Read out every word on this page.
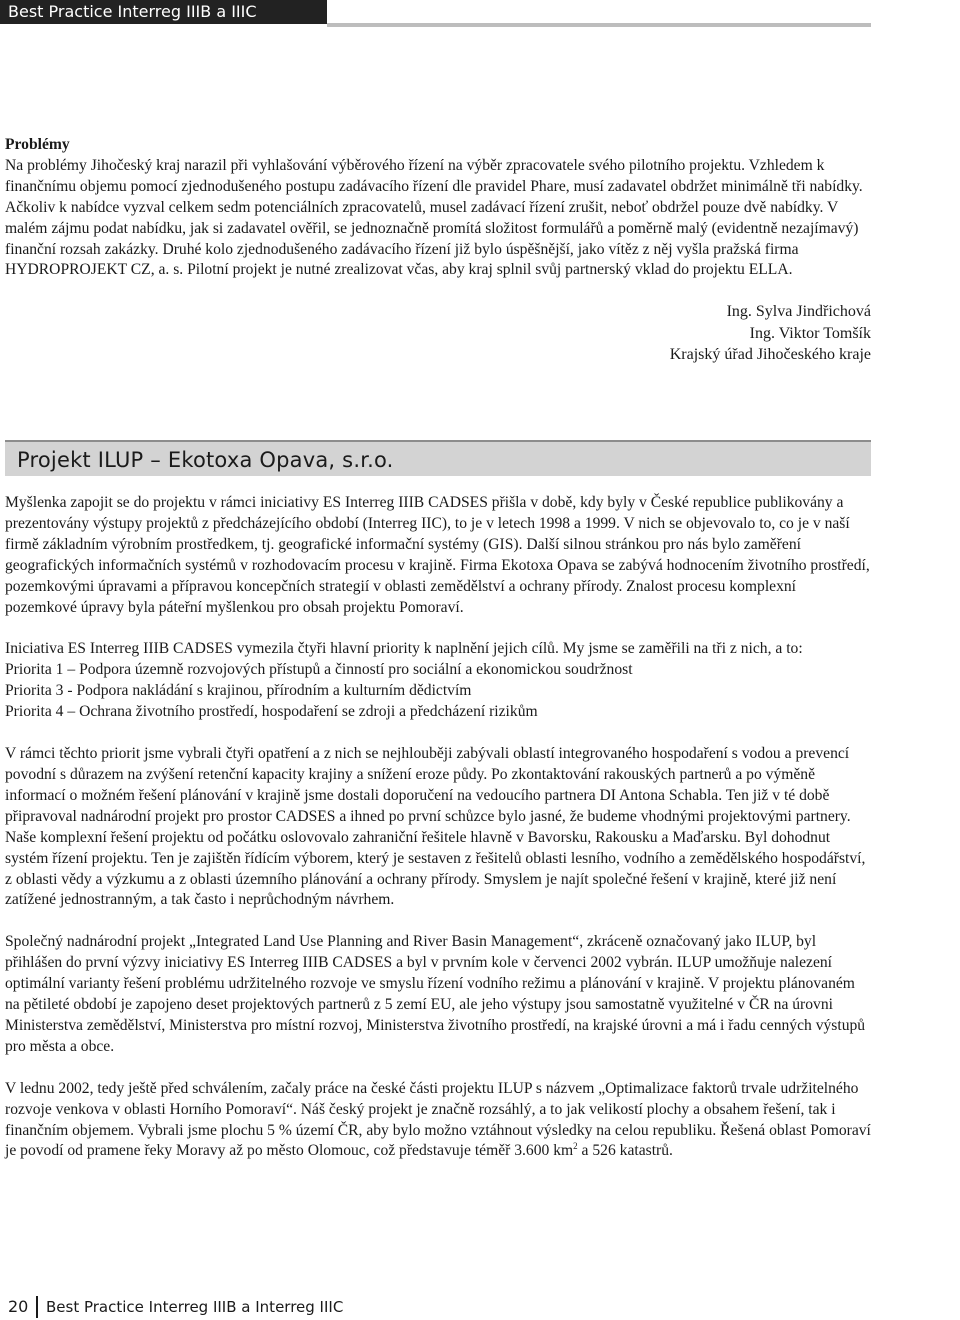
Best Practice Interreg IIIB a IIIC

Problémy

Na problémy Jihočeský kraj narazil při vyhlašování výběrového řízení na výběr zpracovatele svého pilotního projektu. Vzhledem k finančnímu objemu pomocí zjednodušeného postupu zadávacího řízení dle pravidel Phare, musí zadavatel obdržet minimálně tři nabídky. Ačkoliv k nabídce vyzval celkem sedm potenciálních zpracovatelů, musel zadávací řízení zrušit, neboť obdržel pouze dvě nabídky. V malém zájmu podat nabídku, jak si zadavatel ověřil, se jednoznačně promítá složitost formulářů a poměrně malý (evidentně nezajímavý) finanční rozsah zakázky. Druhé kolo zjednodušeného zadávacího řízení již bylo úspěšnější, jako vítěz z něj vyšla pražská firma HYDROPROJEKT CZ, a. s. Pilotní projekt je nutné zrealizovat včas, aby kraj splnil svůj partnerský vklad do projektu ELLA.

Ing. Sylva Jindřichová
Ing. Viktor Tomšík
Krajský úřad Jihočeského kraje
Projekt ILUP – Ekotoxa Opava, s.r.o.

Myšlenka zapojit se do projektu v rámci iniciativy ES Interreg IIIB CADSES přišla v době, kdy byly v České republice publikovány a prezentovány výstupy projektů z předcházejícího období (Interreg IIC), to je v letech 1998 a 1999. V nich se objevovalo to, co je v naší firmě základním výrobním prostředkem, tj. geografické informační systémy (GIS). Další silnou stránkou pro nás bylo zaměření geografických informačních systémů v rozhodovacím procesu v krajině. Firma Ekotoxa Opava se zabývá hodnocením životního prostředí, pozemkovými úpravami a přípravou koncepčních strategií v oblasti zemědělství a ochrany přírody. Znalost procesu komplexní pozemkové úpravy byla páteřní myšlenkou pro obsah projektu Pomoraví.

Iniciativa ES Interreg IIIB CADSES vymezila čtyři hlavní priority k naplnění jejich cílů. My jsme se zaměřili na tři z nich, a to:

Priorita 1 – Podpora územně rozvojových přístupů a činností pro sociální a ekonomickou soudržnost

Priorita 3 - Podpora nakládání s krajinou, přírodním a kulturním dědictvím

Priorita 4 – Ochrana životního prostředí, hospodaření se zdroji a předcházení rizikům

V rámci těchto priorit jsme vybrali čtyři opatření a z nich se nejhlouběji zabývali oblastí integrovaného hospodaření s vodou a prevencí povodní s důrazem na zvýšení retenční kapacity krajiny a snížení eroze půdy. Po zkontaktování rakouských partnerů a po výměně informací o možném řešení plánování v krajině jsme dostali doporučení na vedoucího partnera DI Antona Schabla. Ten již v té době připravoval nadnárodní projekt pro prostor CADSES a ihned po první schůzce bylo jasné, že budeme vhodnými projektovými partnery. Naše komplexní řešení projektu od počátku oslovovalo zahraniční řešitele hlavně v Bavorsku, Rakousku a Maďarsku. Byl dohodnut systém řízení projektu. Ten je zajištěn řídícím výborem, který je sestaven z řešitelů oblasti lesního, vodního a zemědělského hospodářství, z oblasti vědy a výzkumu a z oblasti územního plánování a ochrany přírody. Smyslem je najít společné řešení v krajině, které již není zatížené jednostranným, a tak často i neprůchodným návrhem.

Společný nadnárodní projekt „Integrated Land Use Planning and River Basin Management“, zkráceně označovaný jako ILUP, byl přihlášen do první výzvy iniciativy ES Interreg IIIB CADSES a byl v prvním kole v červenci 2002 vybrán. ILUP umožňuje nalezení optimální varianty řešení problému udržitelného rozvoje ve smyslu řízení vodního režimu a plánování v krajině. V projektu plánovaném na pětileté období je zapojeno deset projektových partnerů z 5 zemí EU, ale jeho výstupy jsou samostatně využitelné v ČR na úrovni Ministerstva zemědělství, Ministerstva pro místní rozvoj, Ministerstva životního prostředí, na krajské úrovni a má i řadu cenných výstupů pro města a obce.

V lednu 2002, tedy ještě před schválením, začaly práce na české části projektu ILUP s názvem „Optimalizace faktorů trvale udržitelného rozvoje venkova v oblasti Horního Pomoraví“. Náš český projekt je značně rozsáhlý, a to jak velikostí plochy a obsahem řešení, tak i finančním objemem. Vybrali jsme plochu 5 % území ČR, aby bylo možno vztáhnout výsledky na celou republiku. Řešená oblast Pomoraví je povodí od pramene řeky Moravy až po město Olomouc, což představuje téměř 3.600 $km^2$ a 526 katastrů.

20 Best Practice Interreg IIIB a Interreg IIIC
